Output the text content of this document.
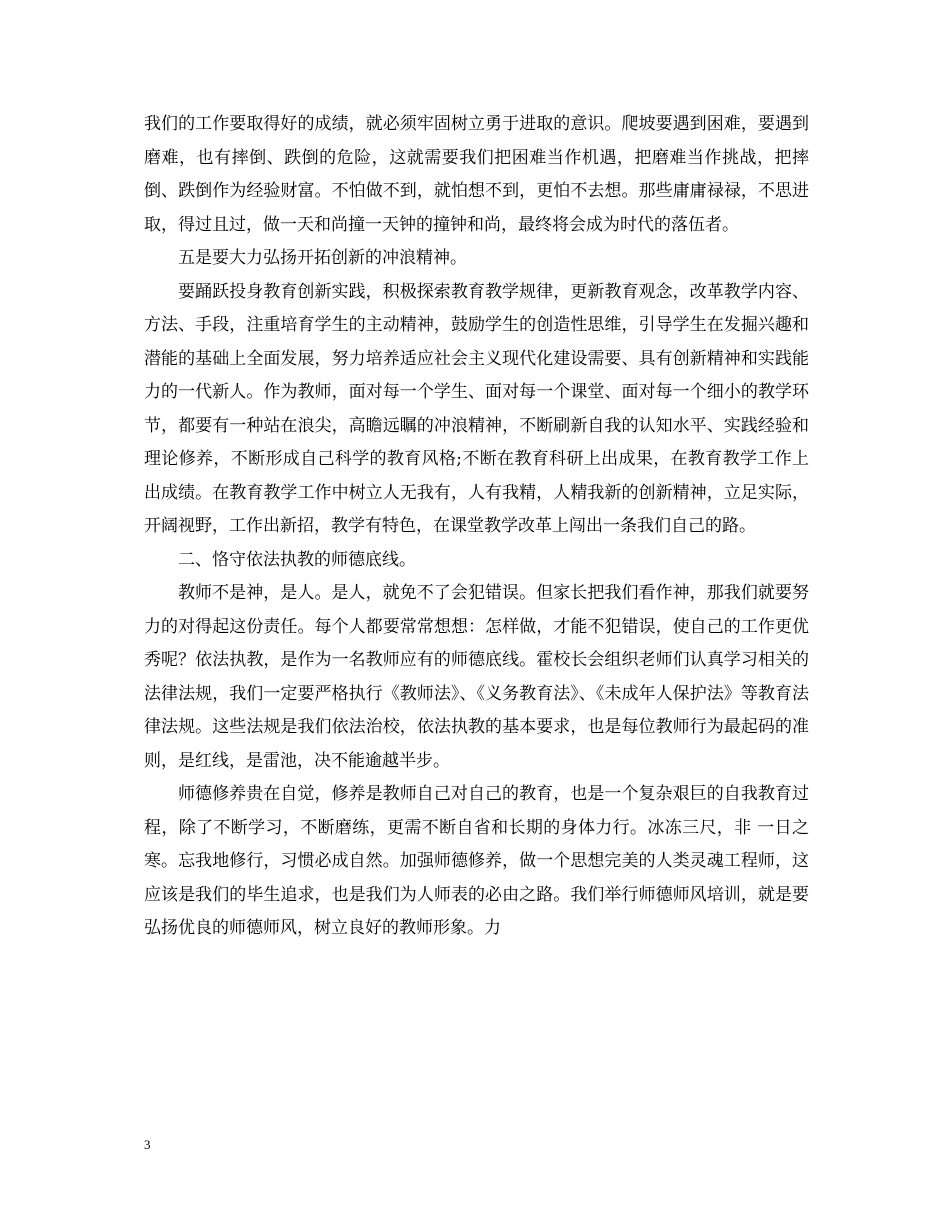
我们的工作要取得好的成绩，就必须牢固树立勇于进取的意识。爬坡要遇到困难，要遇到磨难，也有摔倒、跌倒的危险，这就需要我们把困难当作机遇，把磨难当作挑战，把摔倒、跌倒作为经验财富。不怕做不到，就怕想不到，更怕不去想。那些庸庸禄禄，不思进取，得过且过，做一天和尚撞一天钟的撞钟和尚，最终将会成为时代的落伍者。

五是要大力弘扬开拓创新的冲浪精神。

要踊跃投身教育创新实践，积极探索教育教学规律，更新教育观念，改革教学内容、方法、手段，注重培育学生的主动精神，鼓励学生的创造性思维，引导学生在发掘兴趣和潜能的基础上全面发展，努力培养适应社会主义现代化建设需要、具有创新精神和实践能力的一代新人。作为教师，面对每一个学生、面对每一个课堂、面对每一个细小的教学环节，都要有一种站在浪尖，高瞻远瞩的冲浪精神，不断刷新自我的认知水平、实践经验和理论修养，不断形成自己科学的教育风格;不断在教育科研上出成果，在教育教学工作上出成绩。在教育教学工作中树立人无我有，人有我精，人精我新的创新精神，立足实际，开阔视野，工作出新招，教学有特色，在课堂教学改革上闯出一条我们自己的路。

二、恪守依法执教的师德底线。

教师不是神，是人。是人，就免不了会犯错误。但家长把我们看作神，那我们就要努力的对得起这份责任。每个人都要常常想想：怎样做，才能不犯错误，使自己的工作更优秀呢？依法执教，是作为一名教师应有的师德底线。霍校长会组织老师们认真学习相关的法律法规，我们一定要严格执行《教师法》、《义务教育法》、《未成年人保护法》等教育法律法规。这些法规是我们依法治校，依法执教的基本要求，也是每位教师行为最起码的准则，是红线，是雷池，决不能逾越半步。

师德修养贵在自觉，修养是教师自己对自己的教育，也是一个复杂艰巨的自我教育过程，除了不断学习，不断磨练，更需不断自省和长期的身体力行。冰冻三尺，非 一日之寒。忘我地修行，习惯必成自然。加强师德修养，做一个思想完美的人类灵魂工程师，这应该是我们的毕生追求，也是我们为人师表的必由之路。我们举行师德师风培训，就是要弘扬优良的师德师风，树立良好的教师形象。力

3
